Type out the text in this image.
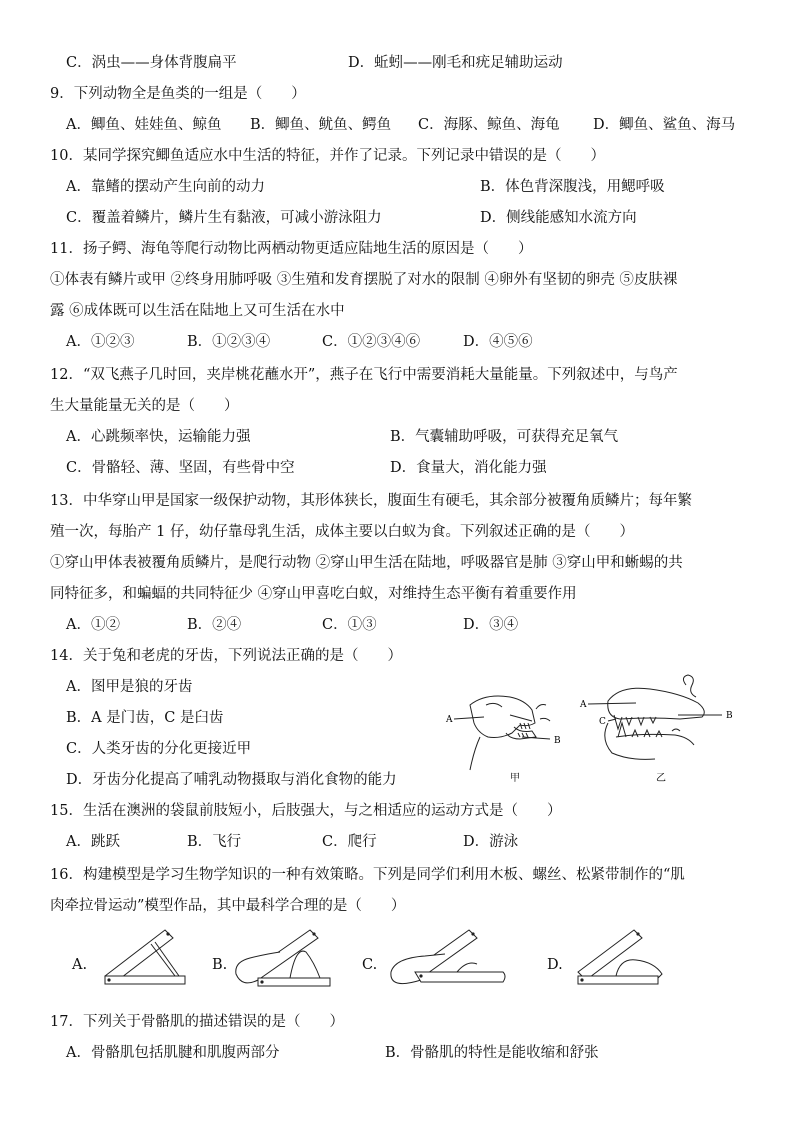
C．涡虫——身体背腹扁平	D．蚯蚓——刚毛和疣足辅助运动
9．下列动物全是鱼类的一组是（　　）
A．鲫鱼、娃娃鱼、鲸鱼 B．鲫鱼、鱿鱼、鳄鱼 C．海豚、鲸鱼、海龟 D．鲫鱼、鲨鱼、海马
10．某同学探究鲫鱼适应水中生活的特征，并作了记录。下列记录中错误的是（　　）
A．靠鳍的摆动产生向前的动力	B．体色背深腹浅，用鳃呼吸
C．覆盖着鳞片，鳞片生有黏液，可减小游泳阻力	D．侧线能感知水流方向
11．扬子鳄、海龟等爬行动物比两栖动物更适应陆地生活的原因是（　　）
①体表有鳞片或甲 ②终身用肺呼吸 ③生殖和发育摆脱了对水的限制 ④卵外有坚韧的卵壳 ⑤皮肤裸
露 ⑥成体既可以生活在陆地上又可生活在水中
A．①②③	B．①②③④	C．①②③④⑥	D．④⑤⑥
12．“双飞燕子几时回，夹岸桃花蘸水开”，燕子在飞行中需要消耗大量能量。下列叙述中，与鸟产
生大量能量无关的是（　　）
A．心跳频率快，运输能力强	B．气囊辅助呼吸，可获得充足氧气
C．骨骼轻、薄、坚固，有些骨中空	D．食量大，消化能力强
13．中华穿山甲是国家一级保护动物，其形体狭长，腹面生有硬毛，其余部分被覆角质鳞片；每年繁
殖一次，每胎产 1 仔，幼仔靠母乳生活，成体主要以白蚁为食。下列叙述正确的是（　　）
①穿山甲体表被覆角质鳞片，是爬行动物 ②穿山甲生活在陆地，呼吸器官是肺 ③穿山甲和蜥蜴的共
同特征多，和蝙蝠的共同特征少 ④穿山甲喜吃白蚁，对维持生态平衡有着重要作用
A．①②	B．②④	C．①③	D．③④
14．关于兔和老虎的牙齿，下列说法正确的是（　　）
A．图甲是狼的牙齿
B．A 是门齿，C 是臼齿
C．人类牙齿的分化更接近甲
D．牙齿分化提高了哺乳动物摄取与消化食物的能力
A
B
甲
A
C
B
乙
15．生活在澳洲的袋鼠前肢短小，后肢强大，与之相适应的运动方式是（　　）
A．跳跃	B．飞行	C．爬行	D．游泳
16．构建模型是学习生物学知识的一种有效策略。下列是同学们利用木板、螺丝、松紧带制作的“肌
肉牵拉骨运动”模型作品，其中最科学合理的是（　　）
A.	B.	C.	D.
17．下列关于骨骼肌的描述错误的是（　　）
A．骨骼肌包括肌腱和肌腹两部分	B．骨骼肌的特性是能收缩和舒张
